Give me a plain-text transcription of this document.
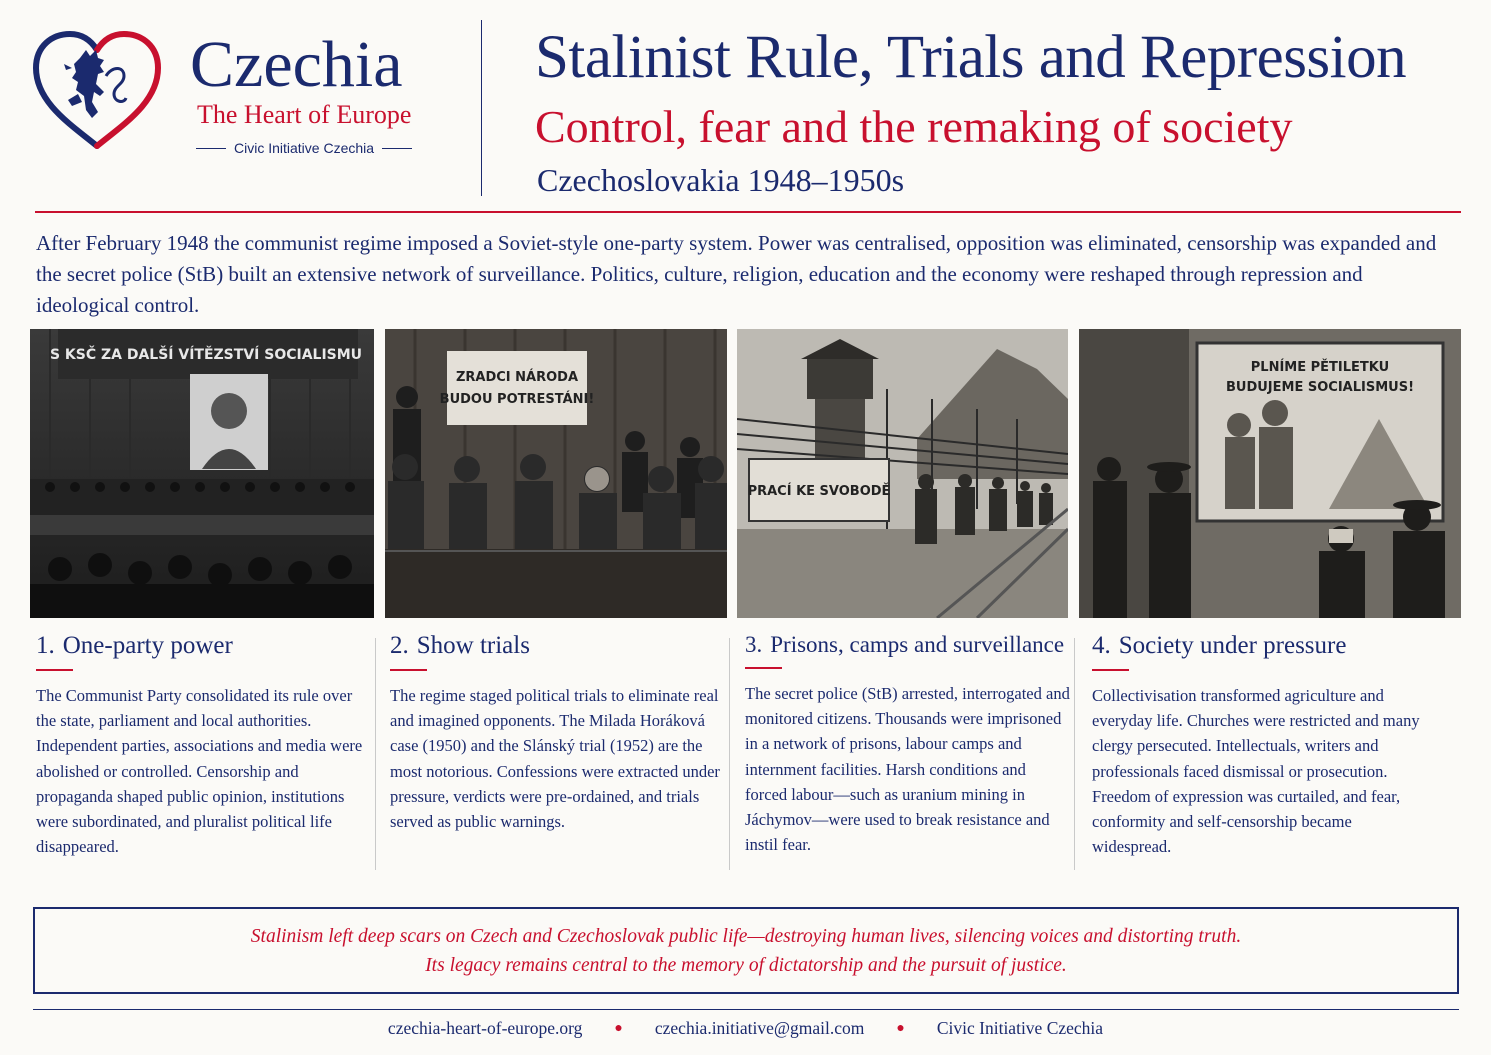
Czechia
The Heart of Europe
Civic Initiative Czechia
Stalinist Rule, Trials and Repression
Control, fear and the remaking of society
Czechoslovakia 1948–1950s
After February 1948 the communist regime imposed a Soviet-style one-party system. Power was centralised, opposition was eliminated, censorship was expanded and the secret police (StB) built an extensive network of surveillance. Politics, culture, religion, education and the economy were reshaped through repression and ideological control.
S KSČ ZA DALŠÍ VÍTĚZSTVÍ SOCIALISMU
ZRADCI NÁRODA
BUDOU POTRESTÁNI!
PRACÍ KE SVOBODĚ
PLNÍME PĚTILETKU
BUDUJEME SOCIALISMUS!
1. One-party power

The Communist Party consolidated its rule over the state, parliament and local authorities. Independent parties, associations and media were abolished or controlled. Censorship and propaganda shaped public opinion, institutions were subordinated, and pluralist political life disappeared.

2. Show trials

The regime staged political trials to eliminate real and imagined opponents. The Milada Horáková case (1950) and the Slánský trial (1952) are the most notorious. Confessions were extracted under pressure, verdicts were pre-ordained, and trials served as public warnings.

3. Prisons, camps and surveillance

The secret police (StB) arrested, interrogated and monitored citizens. Thousands were imprisoned in a network of prisons, labour camps and internment facilities. Harsh conditions and forced labour—such as uranium mining in Jáchymov—were used to break resistance and instil fear.

4. Society under pressure

Collectivisation transformed agriculture and everyday life. Churches were restricted and many clergy persecuted. Intellectuals, writers and professionals faced dismissal or prosecution. Freedom of expression was curtailed, and fear, conformity and self-censorship became widespread.

Stalinism left deep scars on Czech and Czechoslovak public life—destroying human lives, silencing voices and distorting truth.
Its legacy remains central to the memory of dictatorship and the pursuit of justice.
czechia-heart-of-europe.org ● czechia.initiative@gmail.com ● Civic Initiative Czechia
